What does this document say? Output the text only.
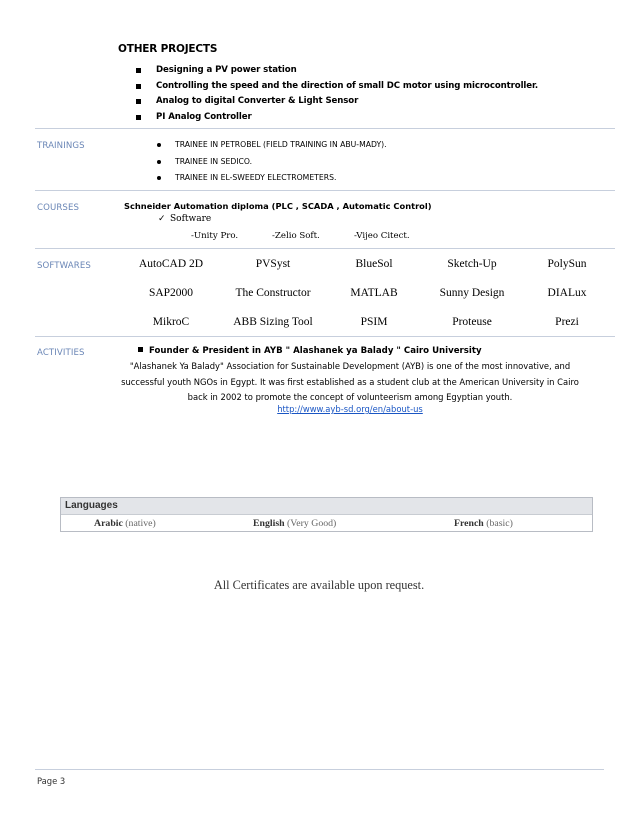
OTHER PROJECTS
Designing a PV power station
Controlling the speed and the direction of small DC motor using microcontroller.
Analog to digital Converter & Light Sensor
PI Analog Controller
TRAININGS	TRAINEE IN PETROBEL (FIELD TRAINING IN ABU-MADY).
TRAINEE IN SEDICO.
TRAINEE IN EL-SWEEDY ELECTROMETERS.
COURSES	Schneider Automation diploma (PLC , SCADA , Automatic Control)
✓ Software
-Unity Pro.	-Zelio Soft.	-Vijeo Citect.
SOFTWARES	AutoCAD 2D	PVSyst	BlueSol	Sketch-Up	PolySun
SAP2000	The Constructor	MATLAB	Sunny Design	DIALux
MikroC	ABB Sizing Tool	PSIM	Proteuse	Prezi
ACTIVITIES	Founder & President in AYB " Alashanek ya Balady " Cairo University
"Alashanek Ya Balady" Association for Sustainable Development (AYB) is one of the most innovative, and successful youth NGOs in Egypt. It was first established as a student club at the American University in Cairo back in 2002 to promote the concept of volunteerism among Egyptian youth.
http://www.ayb-sd.org/en/about-us
Languages
Arabic (native)	English (Very Good)	French (basic)
All Certificates are available upon request.
Page 3
